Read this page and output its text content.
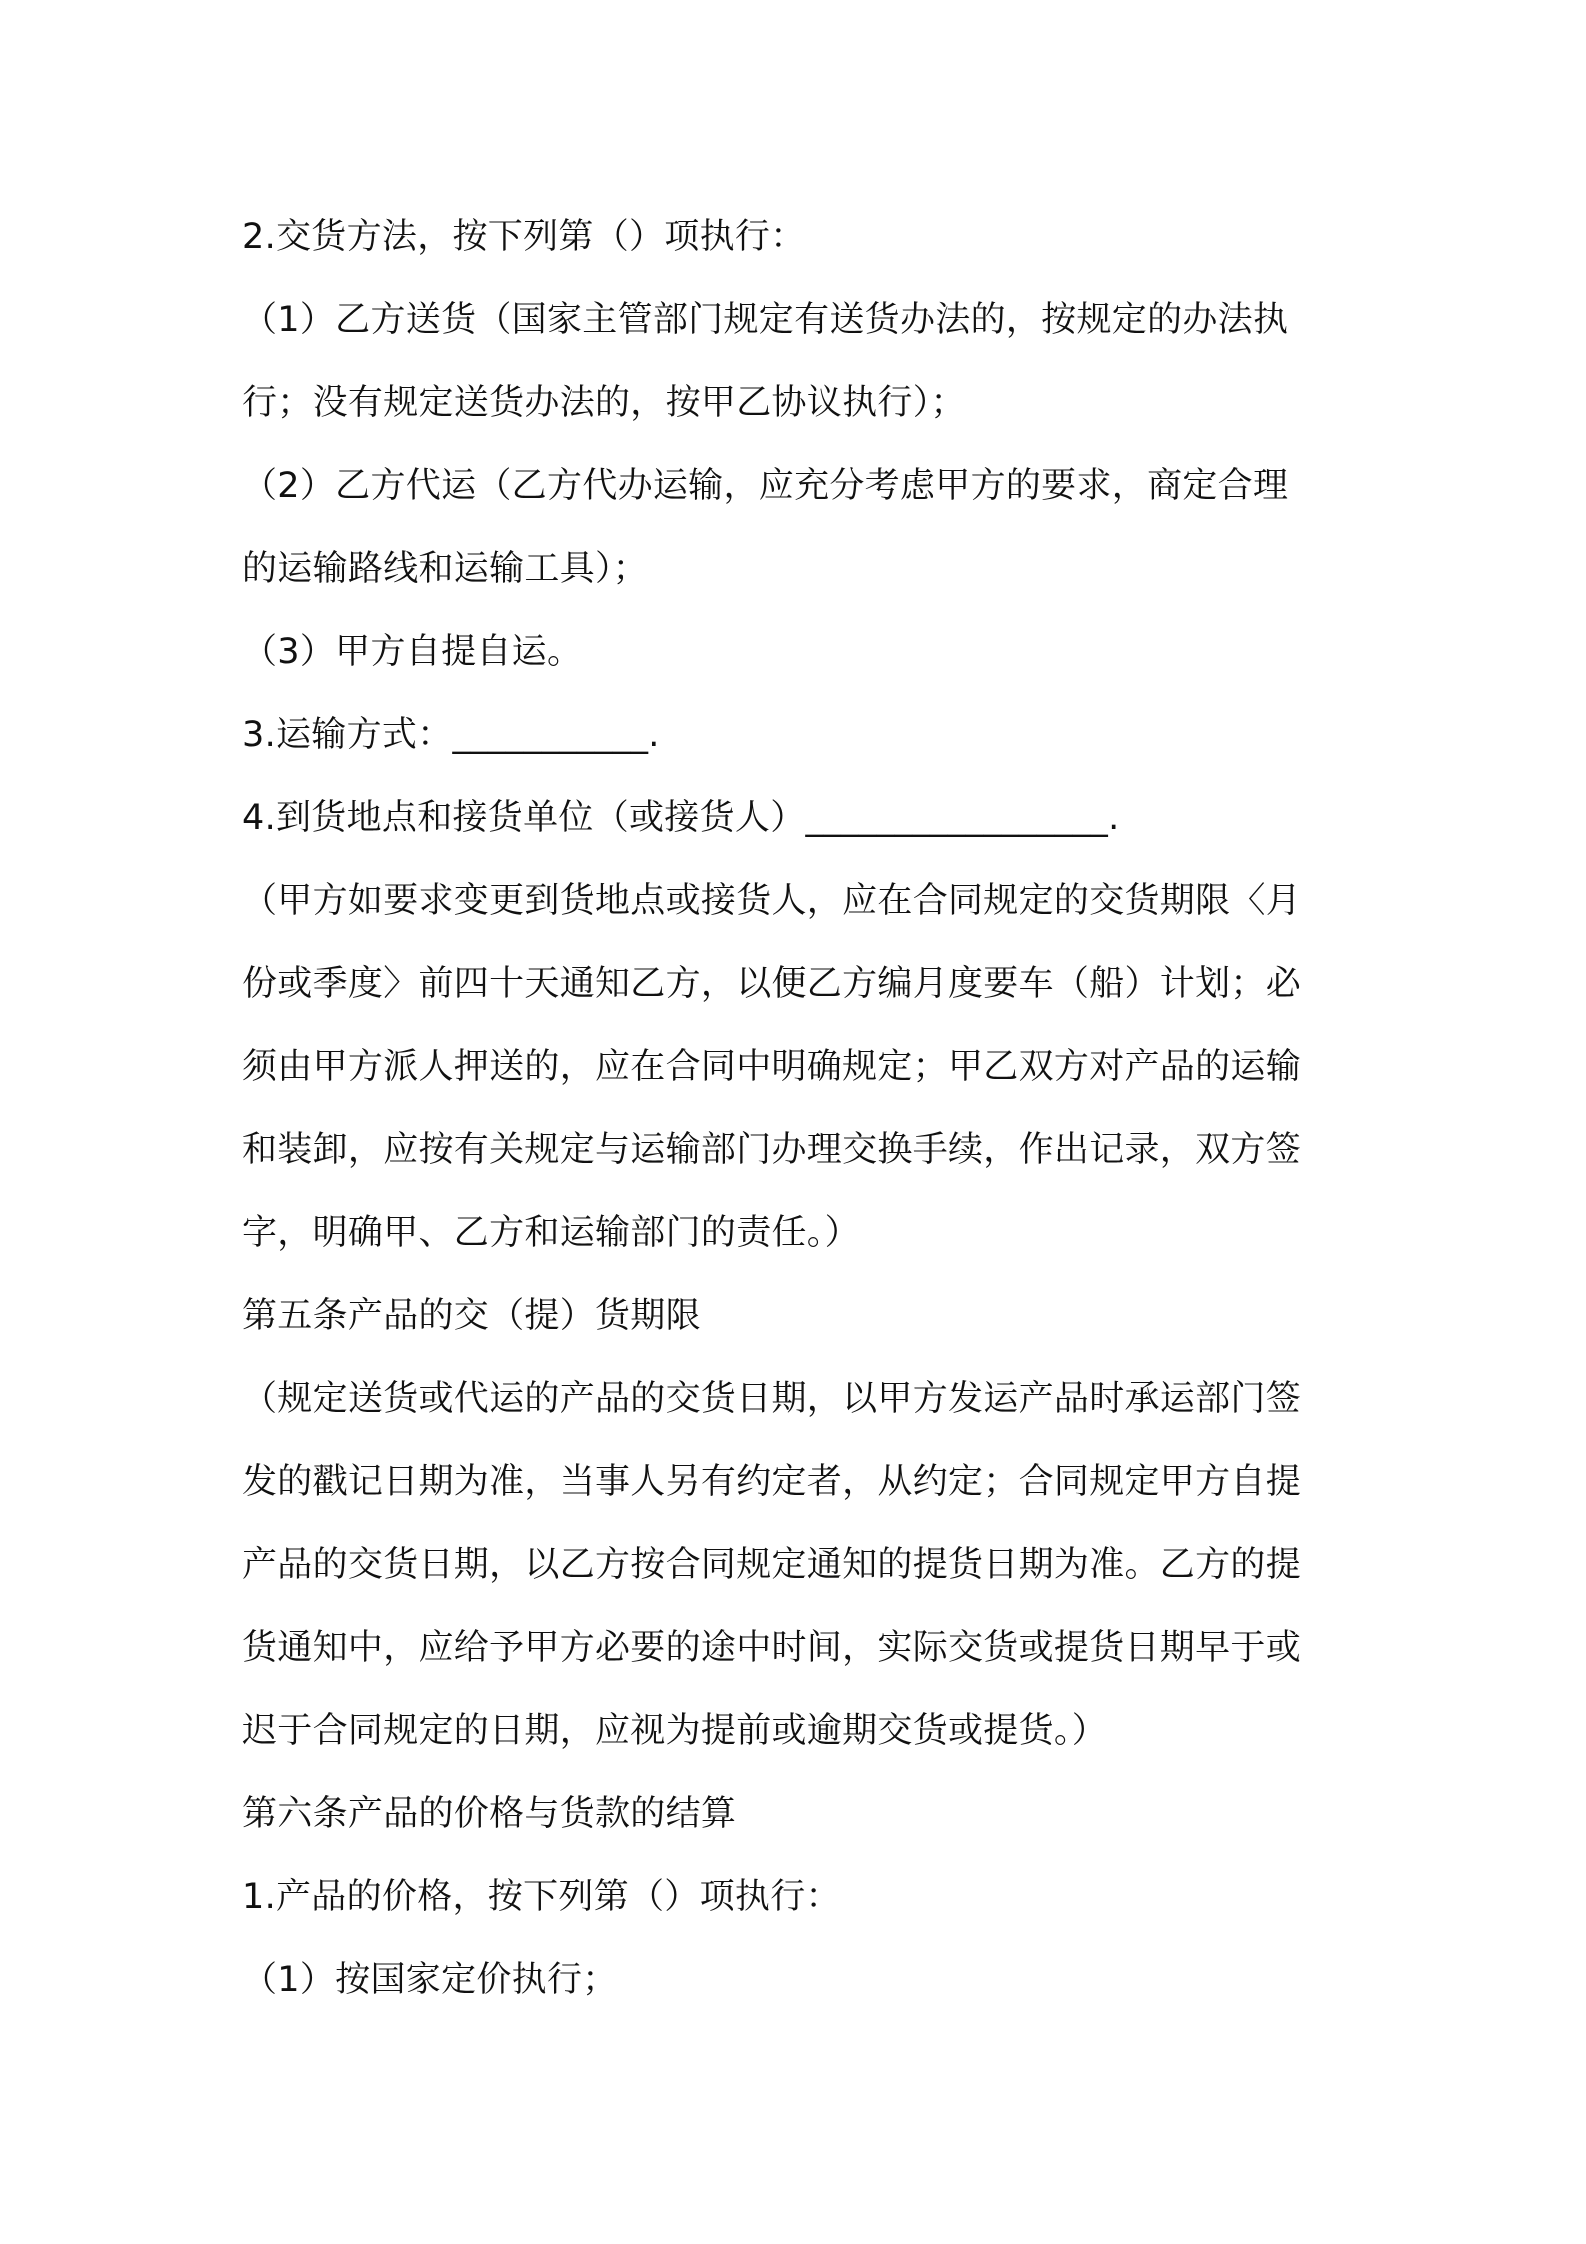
2.交货方法，按下列第（）项执行：
（1）乙方送货（国家主管部门规定有送货办法的，按规定的办法执
行；没有规定送货办法的，按甲乙协议执行）；
（2）乙方代运（乙方代办运输，应充分考虑甲方的要求，商定合理
的运输路线和运输工具）；
（3）甲方自提自运。
3.运输方式：___________.
4.到货地点和接货单位（或接货人）_________________.
（甲方如要求变更到货地点或接货人，应在合同规定的交货期限〈月
份或季度〉前四十天通知乙方，以便乙方编月度要车（船）计划；必
须由甲方派人押送的，应在合同中明确规定；甲乙双方对产品的运输
和装卸，应按有关规定与运输部门办理交换手续，作出记录，双方签
字，明确甲、乙方和运输部门的责任。）
第五条产品的交（提）货期限
（规定送货或代运的产品的交货日期，以甲方发运产品时承运部门签
发的戳记日期为准，当事人另有约定者，从约定；合同规定甲方自提
产品的交货日期，以乙方按合同规定通知的提货日期为准。乙方的提
货通知中，应给予甲方必要的途中时间，实际交货或提货日期早于或
迟于合同规定的日期，应视为提前或逾期交货或提货。）
第六条产品的价格与货款的结算
1.产品的价格，按下列第（）项执行：
（1）按国家定价执行；
